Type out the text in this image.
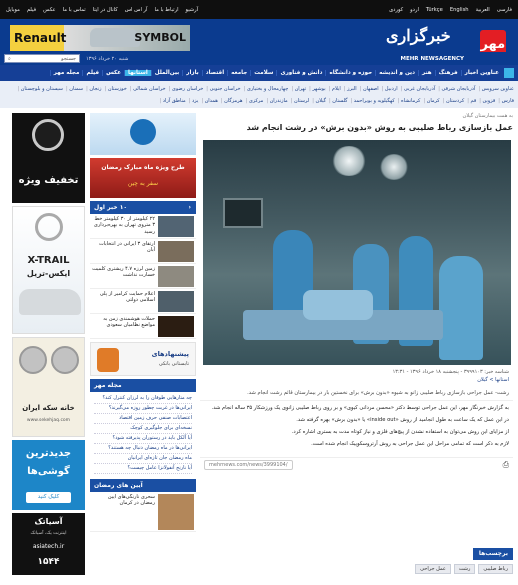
موبایل فیلم عکس تماس با ما کانال در ایتا آر اس اس ارتباط با ما آرشیو	کوردی اردو Türkçe English العربیة فارسی
Renault	SYMBOL	خبرگزاری	مهر
⌕	جستجو شنبه ۲۰ خرداد ۱۳۹۶	MEHR NEWSAGENCY
عناوین اخبار
فرهنگ
هنر
دین و اندیشه
حوزه و دانشگاه
دانش و فناوری
سلامت
جامعه
اقتصاد
بازار
بین‌الملل
استانها
عکس
فیلم
مجله مهر
عناوین سرویس |آذربایجان شرقی |آذربایجان غربی |اردبیل |اصفهان |البرز |ایلام |بوشهر |تهران |چهارمحال و بختیاری |خراسان جنوبی |خراسان رضوی |خراسان شمالی |خوزستان |زنجان |سمنان |سیستان و بلوچستان |فارس |قزوین |قم |کردستان |کرمان |کرمانشاه |کهگیلویه و بویراحمد |گلستان |گیلان |لرستان |مازندران |مرکزی |هرمزگان |همدان |یزد |مناطق آزاد |
تخفیف ویژه
X-TRAIL
ایکس-تریل
خانه سکه ایران
www.sekehjaq.com
جدیدترین
گوشی‌ها
کلیک کنید
آسیاتک
اینترنت یک، آسیاتک
asiatech.ir
۱۵۴۴
طرح ویژه ماه مبارک رمضان
سفر به چین
‹
۱۰ خبر اول
۲۲ کیلومتر از ۳۰ کیلومتر خط ۳ متروی تهران به بهره‌برداری رسید
ارتقای ۳ ایرانی در انتخابات آبان
زمین لرزه ۴.۷ ریشتری کلمیت خسارت نداشت
اعلام حمایت کرامیر از پلی اسلامی دولتی
حملات هوشمندی زمن به مواضع نظامیان سعودی
پیشنهاد‌های
تابستانی بانکی
مجله مهر
چه متارهایی طوفان را به لرزان کنترل کند؟
ایرانی‌ها در غربت چطور روزه می‌گیرند؟
اعتصابات صنفی حرف زمین‌ اقتصاد
نسخه‌ای برای جلوگیری کوچک
آیا آلکل باید در رستوران پذیرفته شود؟
ایرانی‌ها در ماه رمضان دنبال چه هستند؟
ماه رمضان جان تازه‌ای ایرانیان
آیا نارنج آنفولانزا عامل چیست؟
آیین های رمضان
سحری نارنگی‌های آیین رمضان در کرمان
به همت بیمارستان گیلان
عمل بازسازی رباط صلیبی به روش «بدون برش» در رشت انجام شد
شناسه خبر: ۳۹۹۹۱۰۳ - پنجشنبه ۱۸ خرداد ۱۳۹۶ - ۱۳:۳۱
استانها > گیلان
رشت- عمل جراحی بازسازی رباط صلیبی زانو به شیوه «بدون برش» برای نخستین بار در بیمارستان قائم رشت انجام شد.

به گزارش خبرنگار مهر، این عمل جراحی توسط دکتر «محسن مردانی کیوی» و بر روی رباط صلیبی زانوی یک ورزشکار ۳۵ ساله انجام شد.

در این عمل که یک ساعت به طول انجامید از روش «inside out» یا «بدون برش» بهره گرفته شد.

از مزایای این روش می‌توان به استفاده نشدن از پیچ‌های فلزی و نیاز کوتاه مدت به بستری اشاره کرد.

لازم به ذکر است که تمامی مراحل این عمل جراحی به روش آرتروسکوپیک انجام شده است.

mehrnews.com/news/3999104/	⎙
برچسب‌ها
رباط صلیبی
رشت
عمل جراحی
